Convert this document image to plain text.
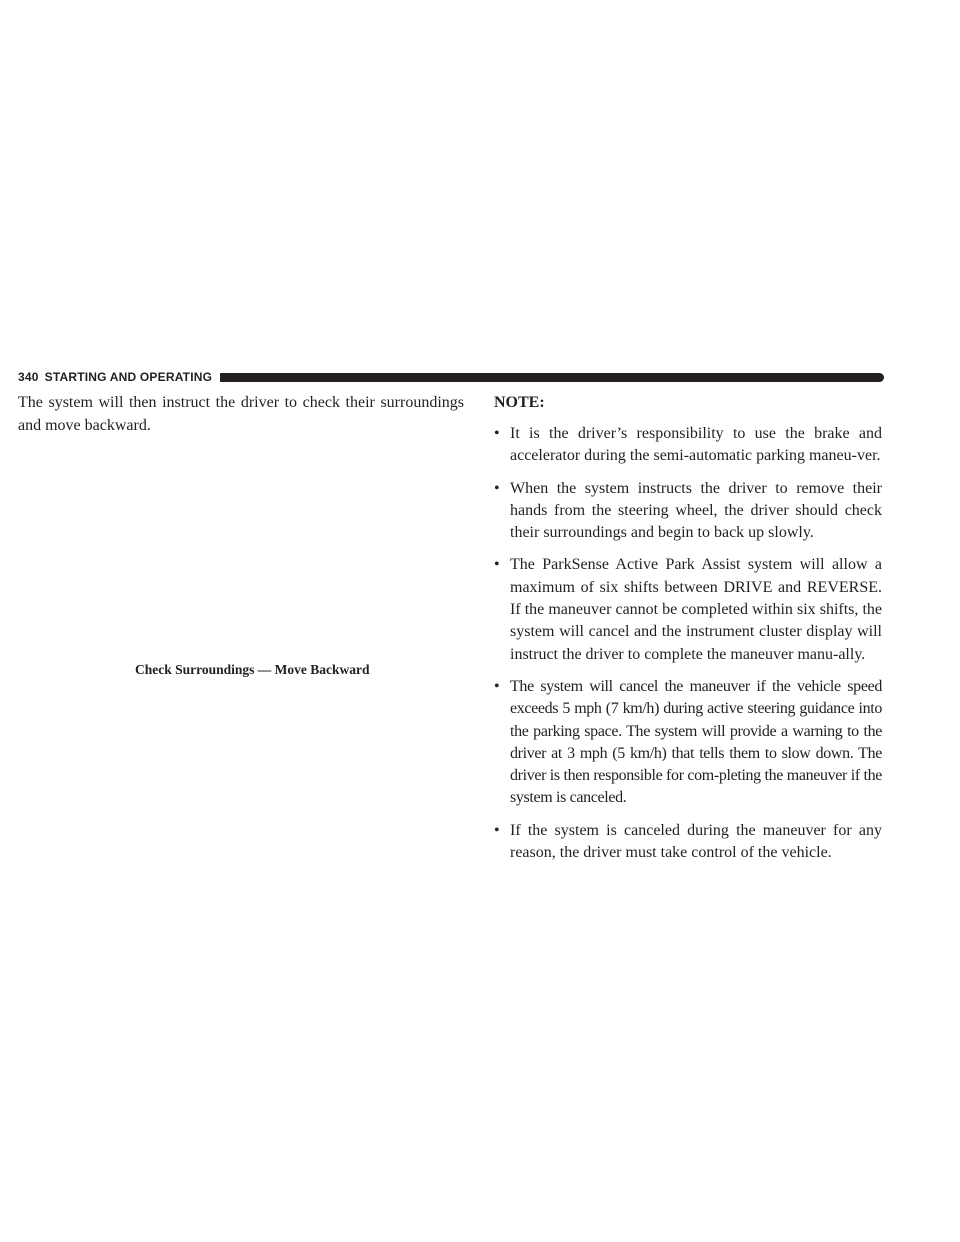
340 STARTING AND OPERATING

The system will then instruct the driver to check their surroundings and move backward.

Check Surroundings — Move Backward
NOTE:
• It is the driver’s responsibility to use the brake and accelerator during the semi-automatic parking maneu-ver.
• When the system instructs the driver to remove their hands from the steering wheel, the driver should check their surroundings and begin to back up slowly.
• The ParkSense Active Park Assist system will allow a maximum of six shifts between DRIVE and REVERSE. If the maneuver cannot be completed within six shifts, the system will cancel and the instrument cluster display will instruct the driver to complete the maneuver manu-ally.
• The system will cancel the maneuver if the vehicle speed exceeds 5 mph (7 km/h) during active steering guidance into the parking space. The system will provide a warning to the driver at 3 mph (5 km/h) that tells them to slow down. The driver is then responsible for com-pleting the maneuver if the system is canceled.
• If the system is canceled during the maneuver for any reason, the driver must take control of the vehicle.
